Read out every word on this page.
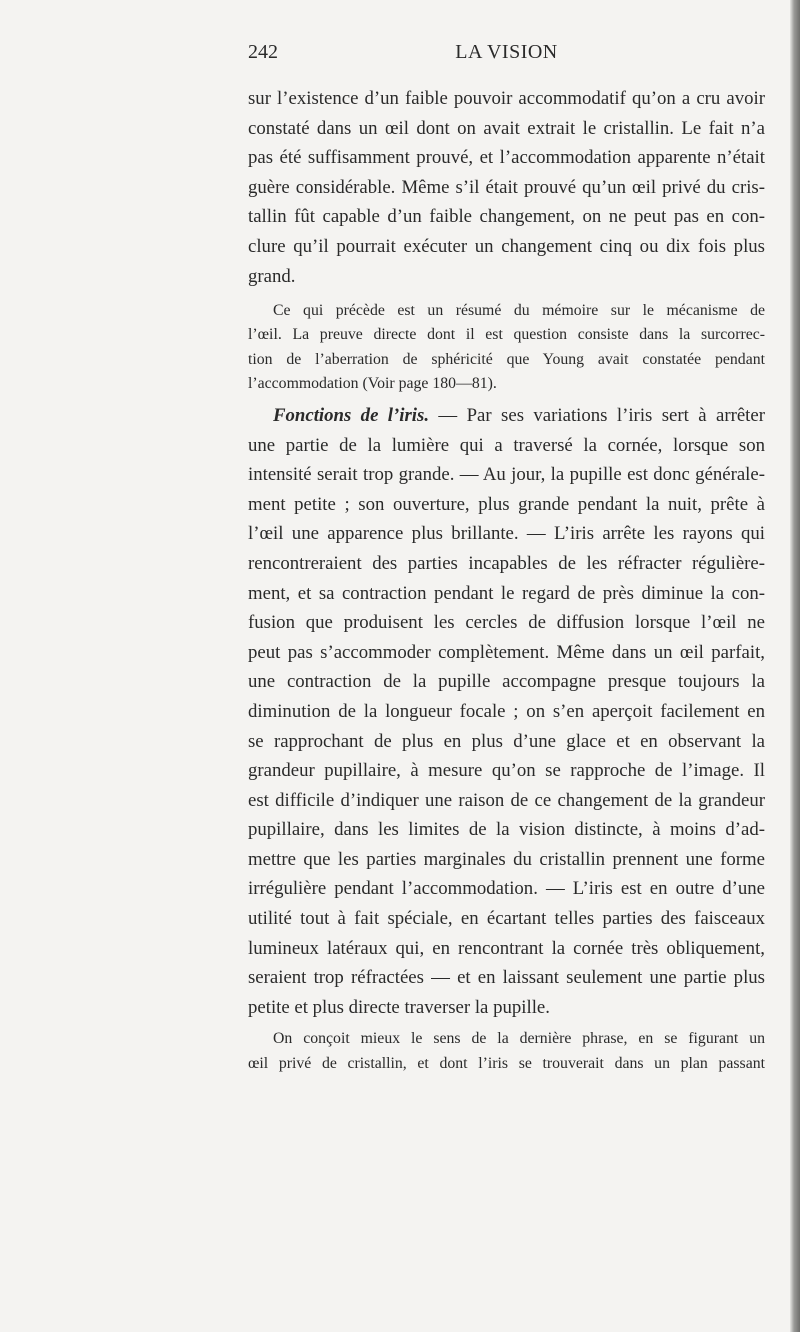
242	LA VISION
sur l’existence d’un faible pouvoir accommodatif qu’on a cru avoir
constaté dans un œil dont on avait extrait le cristallin. Le fait n’a
pas été suffisamment prouvé, et l’accommodation apparente n’était
guère considérable. Même s’il était prouvé qu’un œil privé du cris-
tallin fût capable d’un faible changement, on ne peut pas en con-
clure qu’il pourrait exécuter un changement cinq ou dix fois plus
grand.
Ce qui précède est un résumé du mémoire sur le mécanisme de
l’œil. La preuve directe dont il est question consiste dans la surcorrec-
tion de l’aberration de sphéricité que Young avait constatée pendant
l’accommodation (Voir page 180—81).
Fonctions de l’iris. — Par ses variations l’iris sert à arrêter
une partie de la lumière qui a traversé la cornée, lorsque son
intensité serait trop grande. — Au jour, la pupille est donc générale-
ment petite ; son ouverture, plus grande pendant la nuit, prête à
l’œil une apparence plus brillante. — L’iris arrête les rayons qui
rencontreraient des parties incapables de les réfracter régulière-
ment, et sa contraction pendant le regard de près diminue la con-
fusion que produisent les cercles de diffusion lorsque l’œil ne
peut pas s’accommoder complètement. Même dans un œil parfait,
une contraction de la pupille accompagne presque toujours la
diminution de la longueur focale ; on s’en aperçoit facilement en
se rapprochant de plus en plus d’une glace et en observant la
grandeur pupillaire, à mesure qu’on se rapproche de l’image. Il
est difficile d’indiquer une raison de ce changement de la grandeur
pupillaire, dans les limites de la vision distincte, à moins d’ad-
mettre que les parties marginales du cristallin prennent une forme
irrégulière pendant l’accommodation. — L’iris est en outre d’une
utilité tout à fait spéciale, en écartant telles parties des faisceaux
lumineux latéraux qui, en rencontrant la cornée très obliquement,
seraient trop réfractées — et en laissant seulement une partie plus
petite et plus directe traverser la pupille.
On conçoit mieux le sens de la dernière phrase, en se figurant un
œil privé de cristallin, et dont l’iris se trouverait dans un plan passant
